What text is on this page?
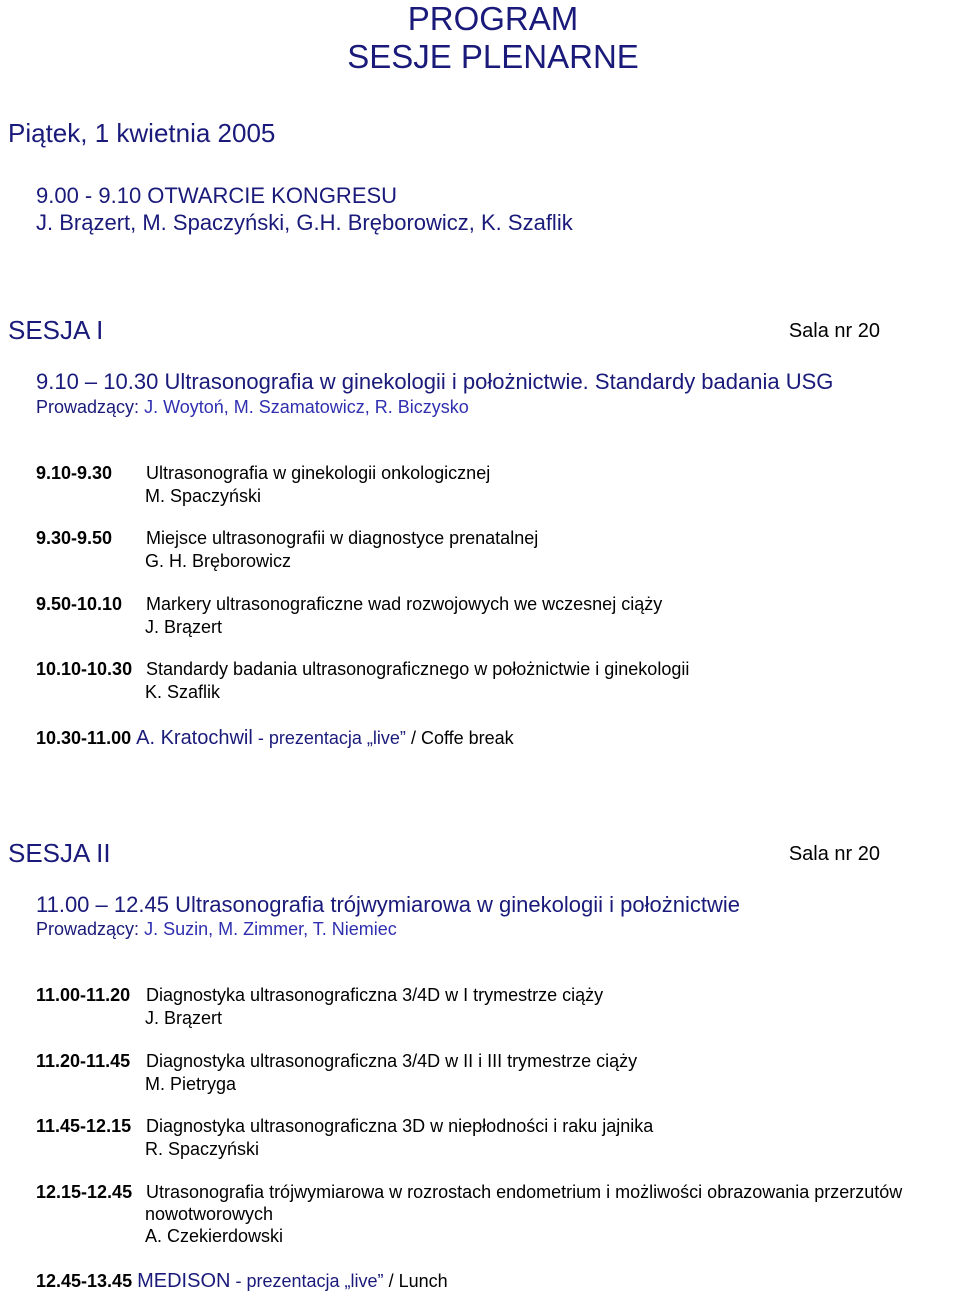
PROGRAM
SESJE PLENARNE
Piątek, 1 kwietnia 2005
9.00 - 9.10 OTWARCIE KONGRESU
J. Brązert, M. Spaczyński, G.H. Bręborowicz, K. Szaflik
SESJA I	Sala nr 20
9.10 – 10.30 Ultrasonografia w ginekologii i położnictwie. Standardy badania USG
Prowadzący: J. Woytoń, M. Szamatowicz, R. Biczysko
9.10-9.30 Ultrasonografia w ginekologii onkologicznej
M. Spaczyński
9.30-9.50 Miejsce ultrasonografii w diagnostyce prenatalnej
G. H. Bręborowicz
9.50-10.10 Markery ultrasonograficzne wad rozwojowych we wczesnej ciąży
J. Brązert
10.10-10.30 Standardy badania ultrasonograficznego w położnictwie i ginekologii
K. Szaflik
10.30-11.00 A. Kratochwil - prezentacja „live” / Coffe break
SESJA II	Sala nr 20
11.00 – 12.45 Ultrasonografia trójwymiarowa w ginekologii i położnictwie
Prowadzący: J. Suzin, M. Zimmer, T. Niemiec
11.00-11.20 Diagnostyka ultrasonograficzna 3/4D w I trymestrze ciąży
J. Brązert
11.20-11.45 Diagnostyka ultrasonograficzna 3/4D w II i III trymestrze ciąży
M. Pietryga
11.45-12.15 Diagnostyka ultrasonograficzna 3D w niepłodności i raku jajnika
R. Spaczyński
12.15-12.45 Utrasonografia trójwymiarowa w rozrostach endometrium i możliwości obrazowania przerzutów
nowotworowych
A. Czekierdowski
12.45-13.45 MEDISON - prezentacja „live” / Lunch
